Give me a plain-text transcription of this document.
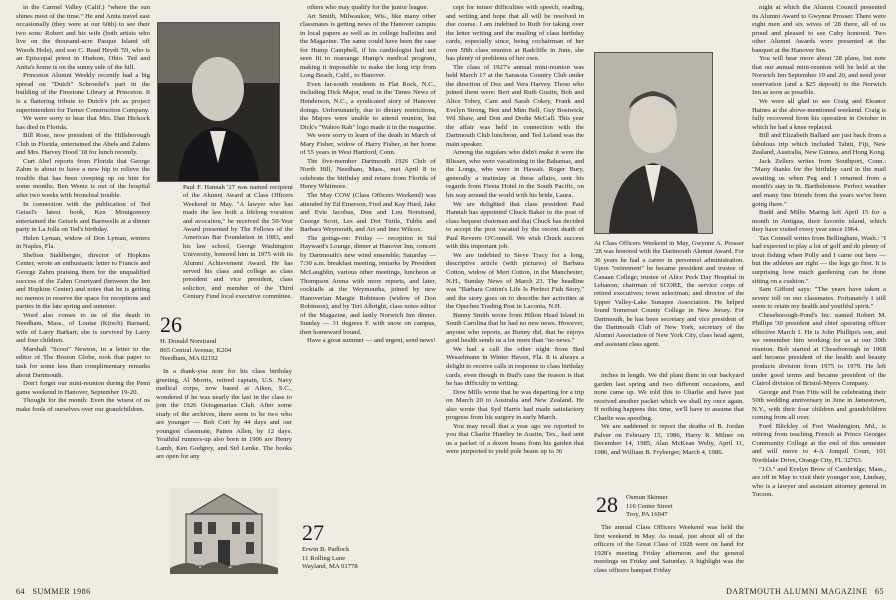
in the Carmel Valley (Calif.) "where the sun shines most of the time." He and Anita travel east occasionally (they were at our 60th) to see their two sons: Robert and his wife (both artists who live on the thousand-acre Pasque Island off Woods Hole), and son C. Read Heydt '59, who is an Episcopal priest in Hudson, Ohio. Ted and Anita's home is on the sunny side of the hill.

Princeton Alumni Weekly recently had a big spread on "Dutch" Schroedel's part in the building of the Firestone Library at Princeton. It is a flattering tribute to Dutch's job as project superintendent for Turner Construction Company.

We were sorry to hear that Mrs. Dan Hickock has died in Florida.

Bill Rose, now president of the Hillsborough Club in Florida, entertained the Abels and Zahms and Mrs. Harvey Hood '18 for lunch recently.

Curt Abel reports from Florida that George Zahm is about to have a new hip to relieve the trouble that has been creeping up on him for some months. Ben Wentz is out of the hospital after two weeks with bronchial trouble.

In connection with the publication of Ted Geisel's latest book, Ken Montgomery entertained the Geisels and Barnwells at a dinner party in La Jolla on Ted's birthday.

Helen Lyman, widow of Don Lyman, winters in Naples, Fla.

Shelton Stahlberger, director of Hopkins Center, wrote an enthusiastic letter to Francis and George Zahm praising them for the unqualified success of the Zahm Courtyard (between the Inn and Hopkins Center) and notes that he is getting no memos to reserve the space for receptions and parties in the late spring and summer.

Word also comes to us of the death in Needham, Mass., of Louise (Kirsch) Barnard, wife of Larry Barkart; she is survived by Larry and four children.

Marshall "Scoot" Newton, in a letter to the editor of The Boston Globe, took that paper to task for some less than complimentary remarks about Dartmouth.

Don't forget our mini-reunion during the Penn game weekend in Hanover, September 19-20.

Thought for the month: Even the wisest of us make fools of ourselves over our grandchildren.

Paul F. Hannah '27 was named recipient of the Alumni Award at Class Officers Weekend in May. "A lawyer who has made the law both a lifelong vocation and avocation," he received the 50-Year Award presented by The Fellows of the American Bar Foundation in 1983, and his law school, George Washington University, honored him in 1975 with its Alumni Achievement Award. He has served his class and college as class president and vice president, class solicitor, and member of the Third Century Fund local executive committee.
26
H. Donald Norstrand
865 Central Avenue, K204
Needham, MA 02192

In a thank-you note for his class birthday greeting, Al Morris, retired captain, U.S. Navy medical corps, now based at Aiken, S.C., wondered if he was nearly the last in the class to join the 1926 Octogenarian Club. After some study of the archives, there seem to be two who are younger — Bob Cort by 44 days and our youngest classmate, Patten Allen, by 12 days. Youthful runners-up also born in 1906 are Henry Lamb, Ken Godgrey, and Sid Lenke. The books are open for any

others who may qualify for the junior league.

Art Smith, Milwaukee, Wis., like many other classmates is getting news of the Hanover campus in local papers as well as in college bulletins and the Magazine. The same could have been the case for Hump Campbell, if his cardiologist had not seen fit to rearrange Hump's medical program, making it impossible to make the long trip from Long Beach, Calif., to Hanover.

Even far-south residents in Flat Rock, N.C., including Dick Major, read in the Times News of Henderson, N.C., a syndicated story of Hanover doings. Unfortunately, due to dietary restrictions, the Majors were unable to attend reunion, but Dick's "Wahoo Rah" logo made it in the magazine.

We were sorry to learn of the death in March of Mary Fisher, widow of Harry Fisher, at her home of 55 years in West Hartford, Conn.

The five-member Dartmouth 1926 Club of North Hill, Needham, Mass., met April 8 to celebrate the birthday and return from Florida of Henry Whitmore.

The May COW (Class Officers Weekend) was attended by Ed Emerson, Fred and Kay Hurd, Jake and Evie Jacobus, Don and Lou Norstrand, George Scott, Les and Dot Tuttle, Tubbs and Barbara Weymouth, and Art and Inez Wilcox.

The goings-on: Friday — reception in Sid Hayward's Lounge, dinner at Hanover Inn, concert by Dartmouth's new wind ensemble; Saturday — 7:30 a.m. breakfast meeting, remarks by President McLaughlin, various other meetings, luncheon at Thompson Arena with more reports, and later, cocktails at the Weymouths, joined by new Hanoverian Margie Robinson (widow of Don Robinson), and by Teri Albright, class notes editor of the Magazine, and lastly Norwich Inn dinner. Sunday — 31 degrees F. with snow on campus, then homeward bound.

Have a great summer — and urgent, send news!

27
Erwin B. Padlock
11 Rolling Lane
Wayland, MA 01778

cept for minor difficulties with speech, reading, and writing and hope that all will be resolved in due course. I am indebted to Ruth for taking over the letter writing and the mailing of class birthday cards, especially since, being cochairman of her own 50th class reunion at Radcliffe in June, she has plenty of problems of her own.

The class of 1927's annual mini-reunion was held March 17 at the Sarasota Country Club under the direction of Doc and Vera Harvey. Those who joined them were: Bert and Ruth Gustin, Bob and Alice Tobey, Cam and Sarah Cokey, Frank and Evelyn Strong, Ben and Mim Bell, Guy Bostwick, Wil Shaw, and Don and Dodie McCall. This year the affair was held in connection with the Dartmouth Club luncheon, and Ted Leland was the main speaker.

Among the regulars who didn't make it were the Blissen, who were vacationing in the Bahamas, and the Longs, who were in Hawaii. Roger Bury, generally a mainstay at these affairs, sent his regards from Fiesta Hotel in the South Pacific, on his way around the world with his bride, Laura.

We are delighted that class president Paul Hannah has appointed Chuck Baker to the post of class bequest chairman and that Chuck has decided to accept the post vacated by the recent death of Paul Reverre O'Connell. We wish Chuck success with this important job.

We are indebted to Steve Tracy for a long, descriptive article (with pictures) of Barbara Cotton, widow of Mert Cotton, in the Manchester, N.H., Sunday News of March 23. The headline was "Barbara Cotton's Life Is Perfect Fish Story," and the story goes on to describe her activities at the Opechee Trading Post in Laconia, N.H.

Bunny Smith wrote from Hilton Head Island in South Carolina that he had no new news. However, anyone who reports, as Bunny did, that he enjoys good health sends us a lot more than "no news."

We had a call the other night from Bud Wesselmann in Winter Haven, Fla. It is always a delight to receive calls in response to class birthday cards, even though in Bud's case the reason is that he has difficulty in writing.

Dow Mills wrote that he was departing for a trip on March 20 to Australia and New Zealand. He also wrote that Syd Harris had made satisfactory progress from his surgery in early March.

You may recall that a year ago we reported to you that Charlie Huntley in Austin, Tex., had sent us a packet of a dozen beans from his garden that were purported to yield pole beans up to 36

At Class Officers Weekend in May, Gwynne A. Prosser '28 was honored with the Dartmouth Alumni Award. For 36 years he had a career in personnel administration. Upon "retirement" he became president and trustee of Canaan College; trustee of Alice Peck Day Hospital in Lebanon; chairman of SCORE, the service corps of retired executives; town selectman; and director of the Upper Valley-Lake Sunapee Association. He helped found Somerset County College in New Jersey. For Dartmouth, he has been secretary and vice president of the Dartmouth Club of New York, secretary of the Alumni Association of New York City, class head agent, and assistant class agent.

inches in length. We did plant them in our backyard garden last spring and two different occasions, and none came up. We told this to Charlie and have just received another packet which we shall try once again. If nothing happens this time, we'll have to assume that Charlie was spoofing.

We are saddened to report the deaths of B. Jordan Palver on February 15, 1986, Harry R. Milner on December 14, 1985, Alan McKean Welty, April 11, 1986, and William B. Fryberger, March 4, 1986.

28 Osmun Skinner
116 Center Street
Troy, PA 16947

The annual Class Officers Weekend was held the first weekend in May. As usual, just about all of the officers of the Great Class of 1928 were on hand for 1928's meeting Friday afternoon and the general meetings on Friday and Saturday. A highlight was the class officers banquet Friday

night at which the Alumni Council presented its Alumni Award to Gwynne Prosser. There were eight men and six wives of '28 there, all of us proud and pleased to see Cuby honored. Two other Alumni Awards were presented at the banquet at the Hanover Inn.

You will hear more about '28 plans, but note that our annual mini-reunion will be held at the Norwich Inn September 19 and 20, and send your reservation (and a $25 deposit) to the Norwich Inn as soon as possible.

We were all glad to see Craig and Eleanor Haines at the above-mentioned weekend. Craig is fully recovered from his operation in October in which he had a knee replaced.

Bill and Elizabeth Ballard are just back from a fabulous trip which included Tahiti, Fiji, New Zealand, Australia, New Guinea, and Hong Kong.

Jack Zellers writes from Southport, Conn.: "Many thanks for the birthday card in the mail awaiting us when Peg and I returned from a month's stay in St. Barthelemew. Perfect weather and many fine friends from the years we've been going there."

Budd and Milbs Maring left April 15 for a month in Antigua, their favorite island, which they have visited every year since 1964.

Tax Connell writes from Bellingham, Wash.: "I had expected to play a lot of golf and do plenty of trout fishing when Polly and I came out here — but the athletes are right — the legs go first. It is surprising how much gardening can be done sitting on a cushion."

Sam Gifford says: "The years have taken a severe toll on our classmates. Fortunately I still seem to retain my health and youthful spirit."

Cheseborough-Pond's Inc. named Robert M. Phillips '30 president and chief operating officer effective March 1. He is John Phillips's son, and we remember him working for us at our 30th reunion. Bob started at Cheseborough in 1968 and became president of the health and beauty products division from 1975 to 1979. He left under good terms and became president of the Clairol division of Bristol-Myers Company.

George and Fran Fitts will be celebrating their 50th wedding anniversary in June in Jamestown, N.Y., with their four children and grandchildren coming from all over.

Ford Blickley of Fort Washington, Md., is retiring from teaching French at Prince Georges Community College at the end of this semester and will move to 4-A Jonquil Court, 101 Northlake Drive, Orange City, FL 32763.

"J.O." and Evelyn Brow of Cambridge, Mass., are off in May to visit their younger son, Lindsay, who is a lawyer and assistant attorney general in Tucson.

64 SUMMER 1986	DARTMOUTH ALUMNI MAGAZINE 65
